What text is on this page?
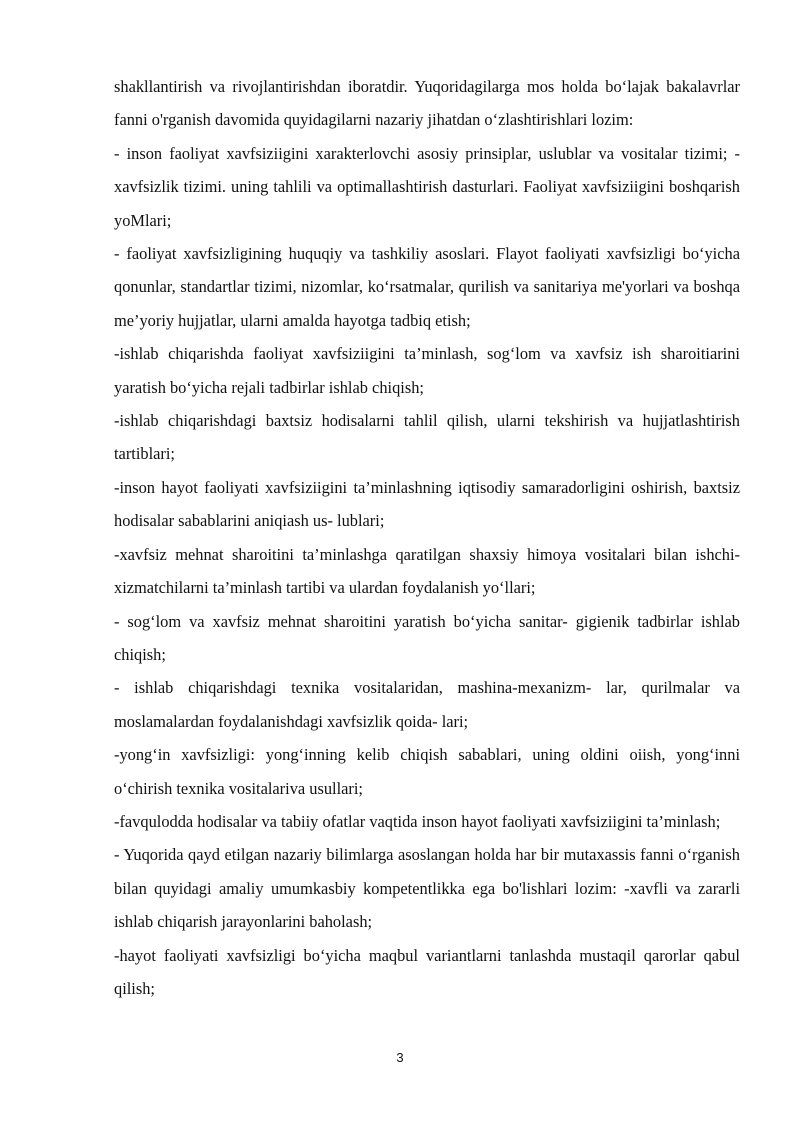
shakllantirish va rivojlantirishdan iboratdir. Yuqoridagilarga mos holda bo‘lajak bakalavrlar fanni o'rganish davomida quyidagilarni nazariy jihatdan o‘zlashtirishlari lozim:

- inson faoliyat xavfsiziigini xarakterlovchi asosiy prinsiplar, uslublar va vositalar tizimi; -xavfsizlik tizimi. uning tahlili va optimallashtirish dasturlari. Faoliyat xavfsiziigini boshqarish yoMlari;

- faoliyat xavfsizligining huquqiy va tashkiliy asoslari. Flayot faoliyati xavfsizligi bo‘yicha qonunlar, standartlar tizimi, nizomlar, ko‘rsatmalar, qurilish va sanitariya me'yorlari va boshqa me’yoriy hujjatlar, ularni amalda hayotga tadbiq etish;

-ishlab chiqarishda faoliyat xavfsiziigini ta’minlash, sog‘lom va xavfsiz ish sharoitiarini yaratish bo‘yicha rejali tadbirlar ishlab chiqish;

-ishlab chiqarishdagi baxtsiz hodisalarni tahlil qilish, ularni tekshirish va hujjatlashtirish tartiblari;

-inson hayot faoliyati xavfsiziigini ta’minlashning iqtisodiy samaradorligini oshirish, baxtsiz hodisalar sabablarini aniqiash us- lublari;

-xavfsiz mehnat sharoitini ta’minlashga qaratilgan shaxsiy himoya vositalari bilan ishchi-xizmatchilarni ta’minlash tartibi va ulardan foydalanish yo‘llari;

- sog‘lom va xavfsiz mehnat sharoitini yaratish bo‘yicha sanitar- gigienik tadbirlar ishlab chiqish;

- ishlab chiqarishdagi texnika vositalaridan, mashina-mexanizm- lar, qurilmalar va moslamalardan foydalanishdagi xavfsizlik qoida- lari;

-yong‘in xavfsizligi: yong‘inning kelib chiqish sabablari, uning oldini oiish, yong‘inni o‘chirish texnika vositalariva usullari;

-favqulodda hodisalar va tabiiy ofatlar vaqtida inson hayot faoliyati xavfsiziigini ta’minlash;

- Yuqorida qayd etilgan nazariy bilimlarga asoslangan holda har bir mutaxassis fanni o‘rganish bilan quyidagi amaliy umumkasbiy kompetentlikka ega bo'lishlari lozim: -xavfli va zararli ishlab chiqarish jarayonlarini baholash;

-hayot faoliyati xavfsizligi bo‘yicha maqbul variantlarni tanlashda mustaqil qarorlar qabul qilish;

3
